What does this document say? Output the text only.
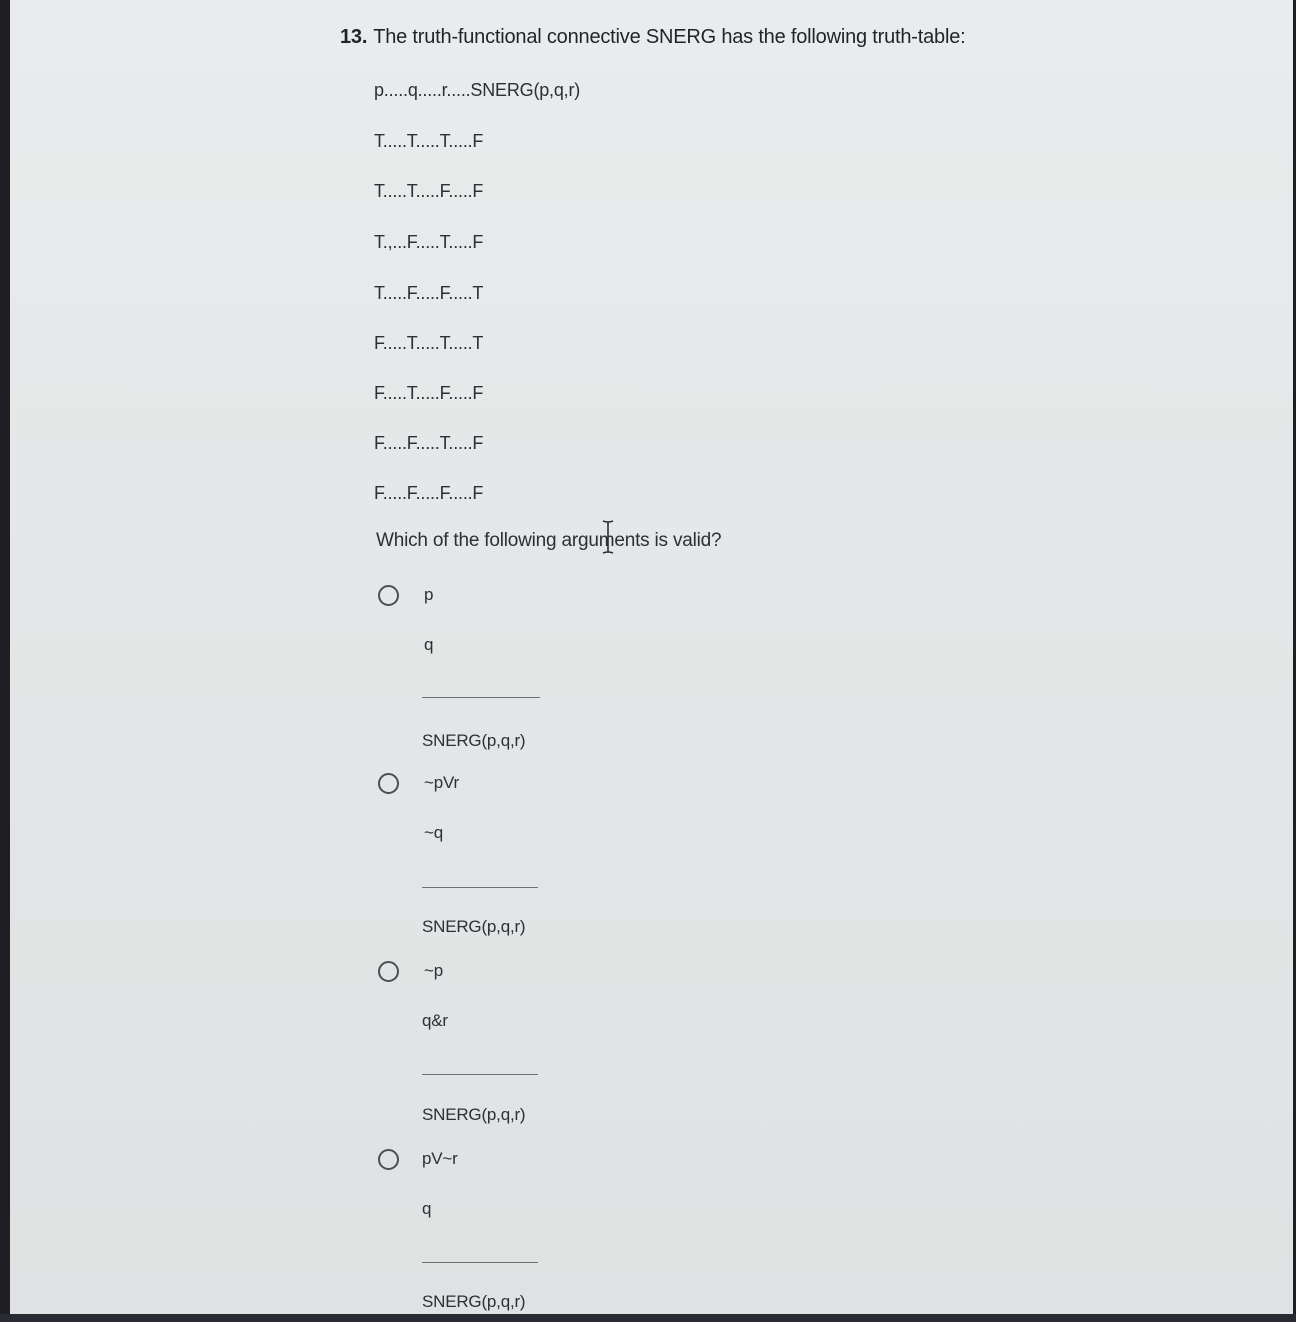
13. The truth-functional connective SNERG has the following truth-table:
p.....q.....r.....SNERG(p,q,r)
T.....T.....T.....F
T.....T.....F.....F
T.,...F.....T.....F
T.....F.....F.....T
F.....T.....T.....T
F.....T.....F.....F
F.....F.....T.....F
F.....F.....F.....F
Which of the following arguments is valid?
p
q
SNERG(p,q,r)
~pVr
~q
SNERG(p,q,r)
~p
q&r
SNERG(p,q,r)
pV~r
q
SNERG(p,q,r)
